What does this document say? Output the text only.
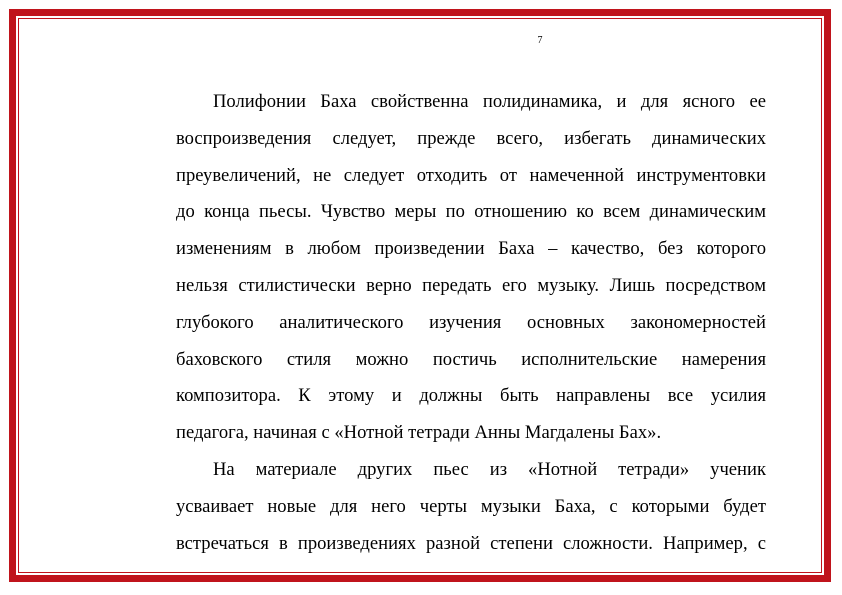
7
Полифонии Баха свойственна полидинамика, и для ясного ее
воспроизведения следует, прежде всего, избегать динамических
преувеличений, не следует отходить от намеченной инструментовки
до конца пьесы. Чувство меры по отношению ко всем динамическим
изменениям в любом произведении Баха – качество, без которого
нельзя стилистически верно передать его музыку. Лишь посредством
глубокого аналитического изучения основных закономерностей
баховского стиля можно постичь исполнительские намерения
композитора. К этому и должны быть направлены все усилия
педагога, начиная с «Нотной тетради Анны Магдалены Бах».
На материале других пьес из «Нотной тетради» ученик
усваивает новые для него черты музыки Баха, с которыми будет
встречаться в произведениях разной степени сложности. Например, с
